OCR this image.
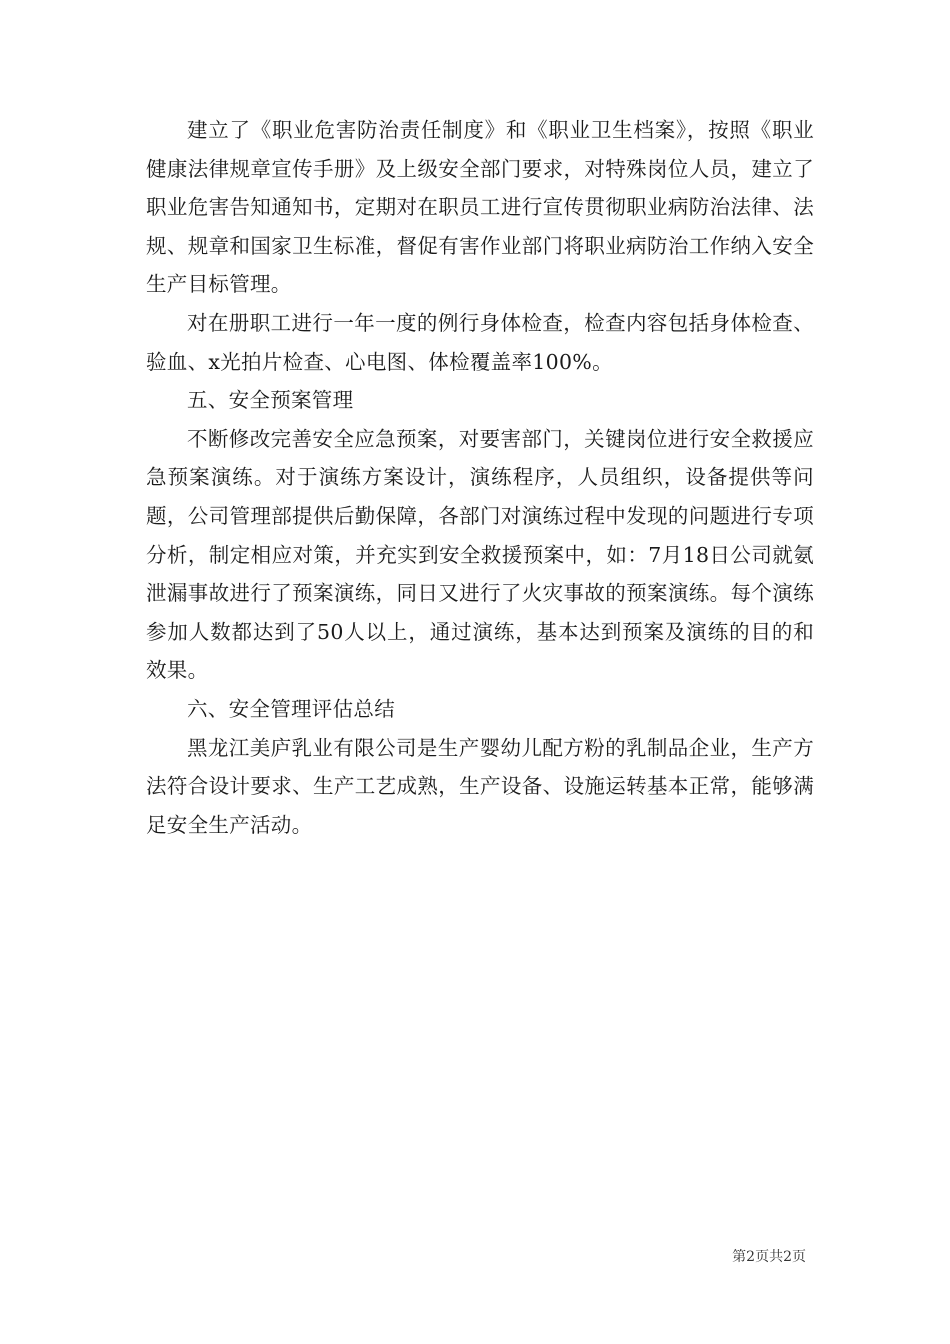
建立了《职业危害防治责任制度》和《职业卫生档案》，按照《职业健康法律规章宣传手册》及上级安全部门要求，对特殊岗位人员，建立了职业危害告知通知书，定期对在职员工进行宣传贯彻职业病防治法律、法规、规章和国家卫生标准，督促有害作业部门将职业病防治工作纳入安全生产目标管理。

对在册职工进行一年一度的例行身体检查，检查内容包括身体检查、验血、x光拍片检查、心电图、体检覆盖率100%。

五、安全预案管理

不断修改完善安全应急预案，对要害部门，关键岗位进行安全救援应急预案演练。对于演练方案设计，演练程序，人员组织，设备提供等问题，公司管理部提供后勤保障，各部门对演练过程中发现的问题进行专项分析，制定相应对策，并充实到安全救援预案中，如：7月18日公司就氨泄漏事故进行了预案演练，同日又进行了火灾事故的预案演练。每个演练参加人数都达到了50人以上，通过演练，基本达到预案及演练的目的和效果。

六、安全管理评估总结

黑龙江美庐乳业有限公司是生产婴幼儿配方粉的乳制品企业，生产方法符合设计要求、生产工艺成熟，生产设备、设施运转基本正常，能够满足安全生产活动。

第2页共2页
